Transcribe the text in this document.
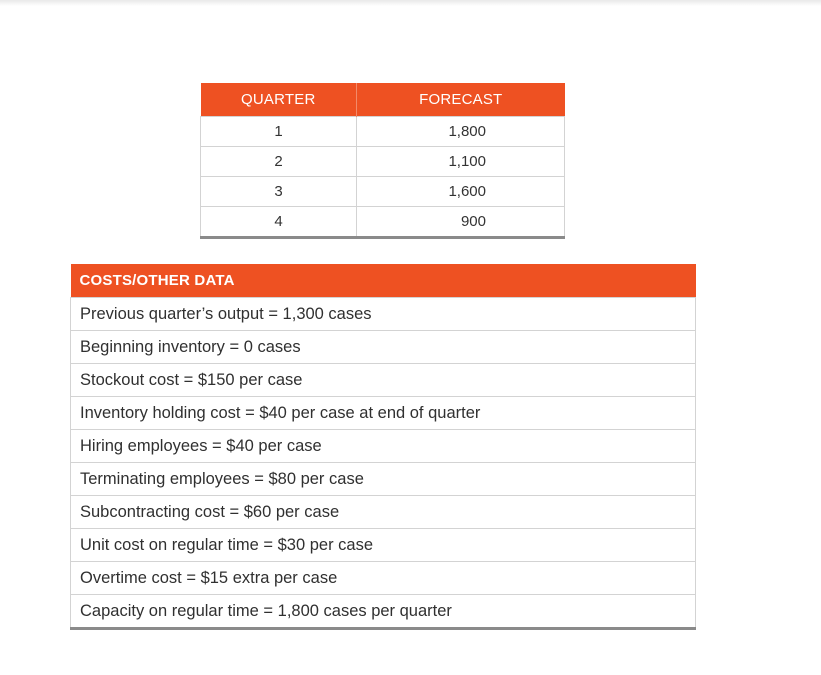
QUARTER	FORECAST
1	1,800
2	1,100
3	1,600
4	900
COSTS/OTHER DATA
Previous quarter’s output = 1,300 cases
Beginning inventory = 0 cases
Stockout cost = $150 per case
Inventory holding cost = $40 per case at end of quarter
Hiring employees = $40 per case
Terminating employees = $80 per case
Subcontracting cost = $60 per case
Unit cost on regular time = $30 per case
Overtime cost = $15 extra per case
Capacity on regular time = 1,800 cases per quarter
